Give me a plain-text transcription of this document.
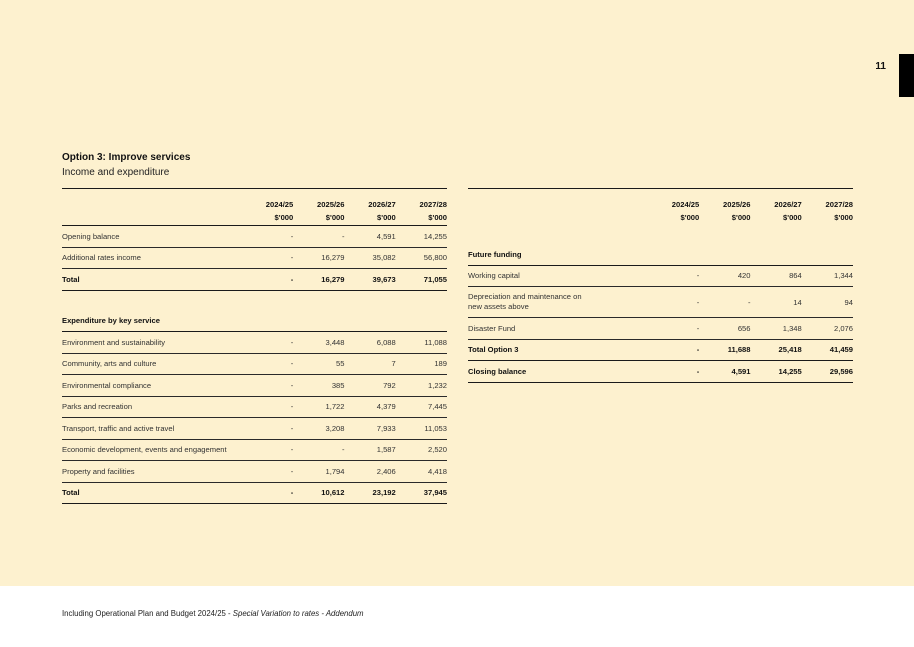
11
Option 3: Improve services
Income and expenditure
	2024/25	2025/26	2026/27	2027/28
	$'000	$'000	$'000	$'000
Opening balance	-	-	4,591	14,255
Additional rates income	-	16,279	35,082	56,800
Total	-	16,279	39,673	71,055

Expenditure by key service				
Environment and sustainability	-	3,448	6,088	11,088
Community, arts and culture	-	55	7	189
Environmental compliance	-	385	792	1,232
Parks and recreation	-	1,722	4,379	7,445
Transport, traffic and active travel	-	3,208	7,933	11,053
Economic development, events and engagement	-	-	1,587	2,520
Property and facilities	-	1,794	2,406	4,418
Total	-	10,612	23,192	37,945
	2024/25	2025/26	2026/27	2027/28
	$'000	$'000	$'000	$'000

Future funding				
Working capital	-	420	864	1,344
Depreciation and maintenance on new assets above	-	-	14	94
Disaster Fund	-	656	1,348	2,076
Total Option 3	-	11,688	25,418	41,459
Closing balance	-	4,591	14,255	29,596
Including Operational Plan and Budget 2024/25 - Special Variation to rates - Addendum
